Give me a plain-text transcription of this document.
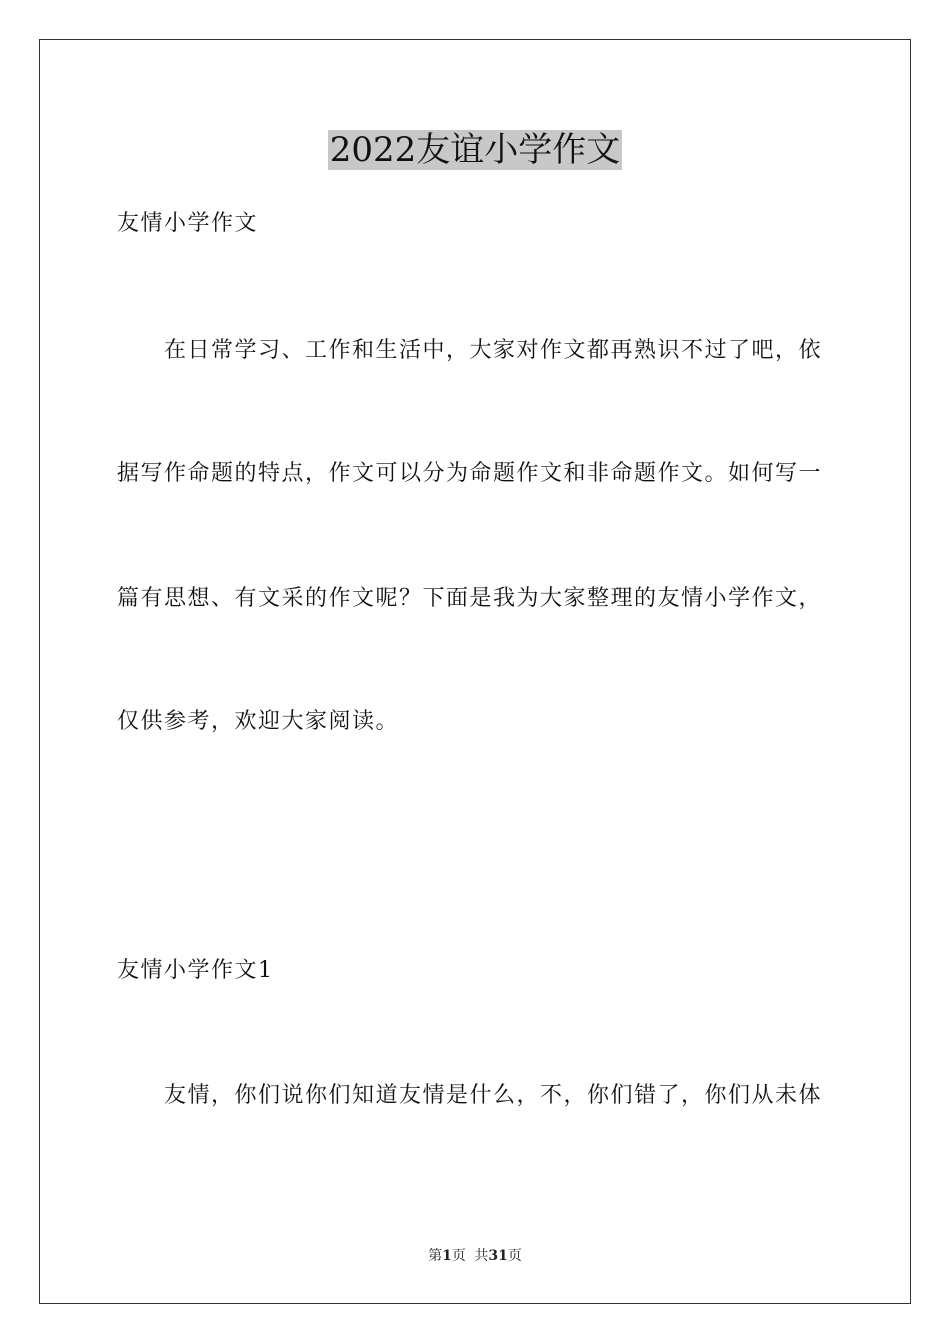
2022友谊小学作文
友情小学作文
在日常学习、工作和生活中，大家对作文都再熟识不过了吧，依
据写作命题的特点，作文可以分为命题作文和非命题作文。如何写一
篇有思想、有文采的作文呢？下面是我为大家整理的友情小学作文，
仅供参考，欢迎大家阅读。
友情小学作文1
友情，你们说你们知道友情是什么，不，你们错了，你们从未体
第1页 共31页
